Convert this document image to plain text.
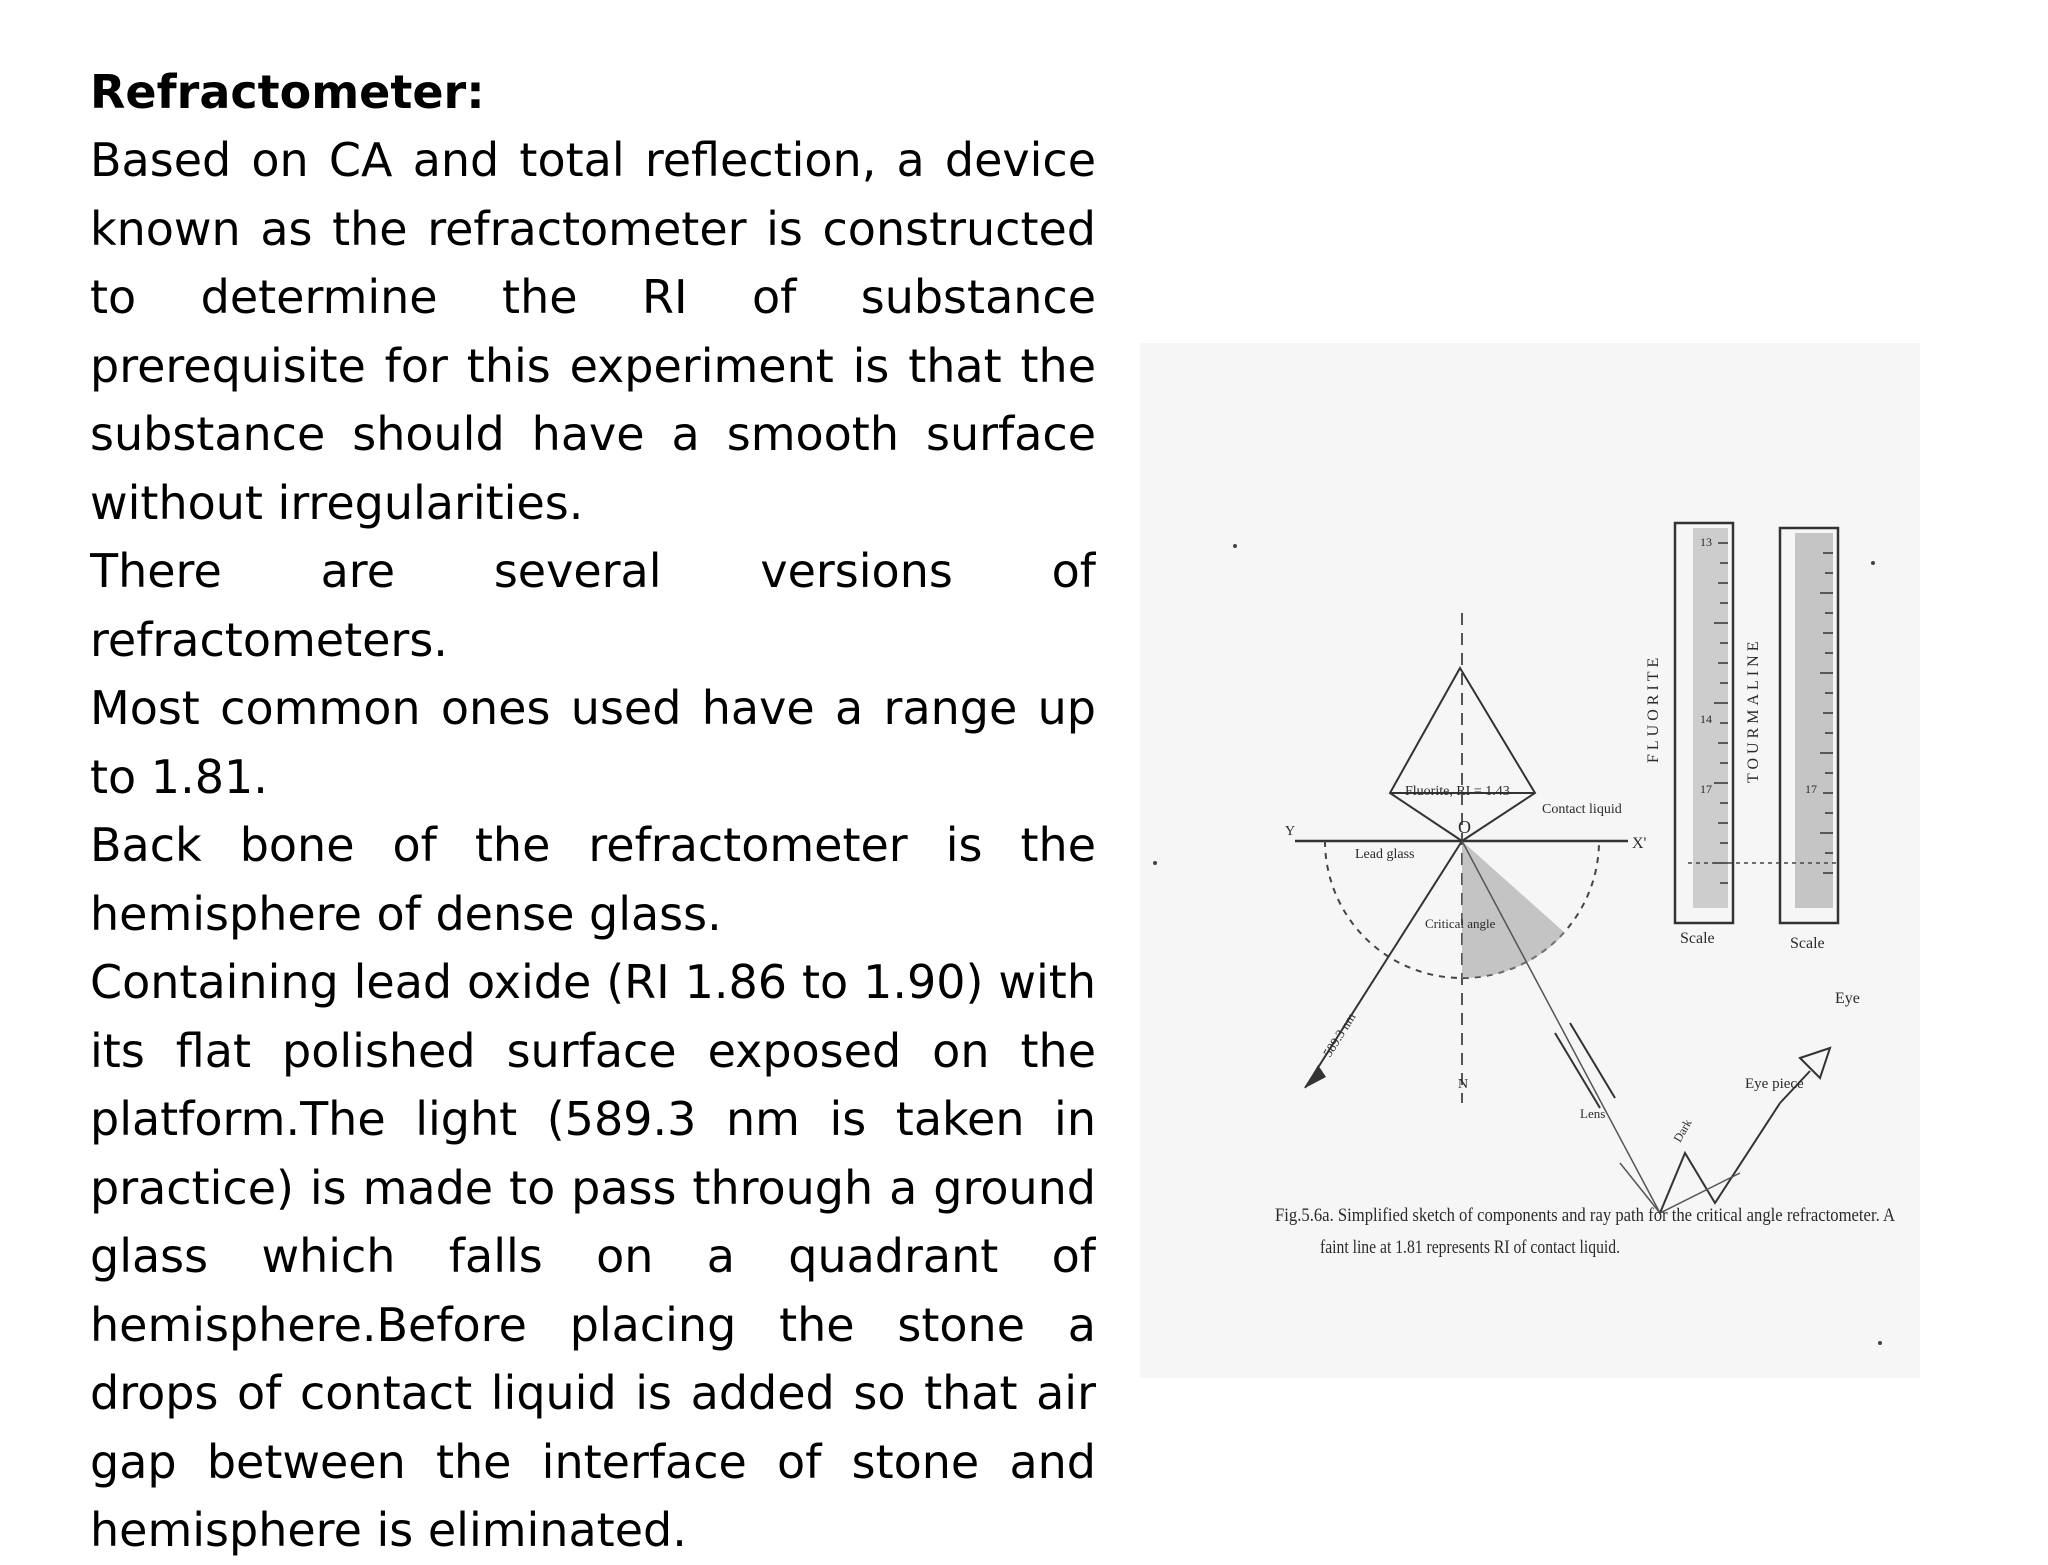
Refractometer:

Based on CA and total reflection, a device
known as the refractometer is constructed
to determine the RI of substance
prerequisite for this experiment is that the
substance should have a smooth surface
without irregularities.
There are several versions of
refractometers.
Most common ones used have a range up
to 1.81.
Back bone of the refractometer is the
hemisphere of dense glass.
Containing lead oxide (RI 1.86 to 1.90) with
its flat polished surface exposed on the
platform.The light (589.3 nm is taken in
practice) is made to pass through a ground
glass which falls on a quadrant of
hemisphere.Before placing the stone a
drops of contact liquid is added so that air
gap between the interface of stone and
hemisphere is eliminated.
FLUORITE	TOURMALINE
13
14
17	17
Scale	Scale
Eye
Eye piece
Fluorite, RI = 1.43
Contact liquid
Lead glass
Critical angle
589.3 nm
O
Y
X'
N
Lens
Dark
Fig.5.6a. Simplified sketch of components and ray path for the critical angle refractometer. A
faint line at 1.81 represents RI of contact liquid.
